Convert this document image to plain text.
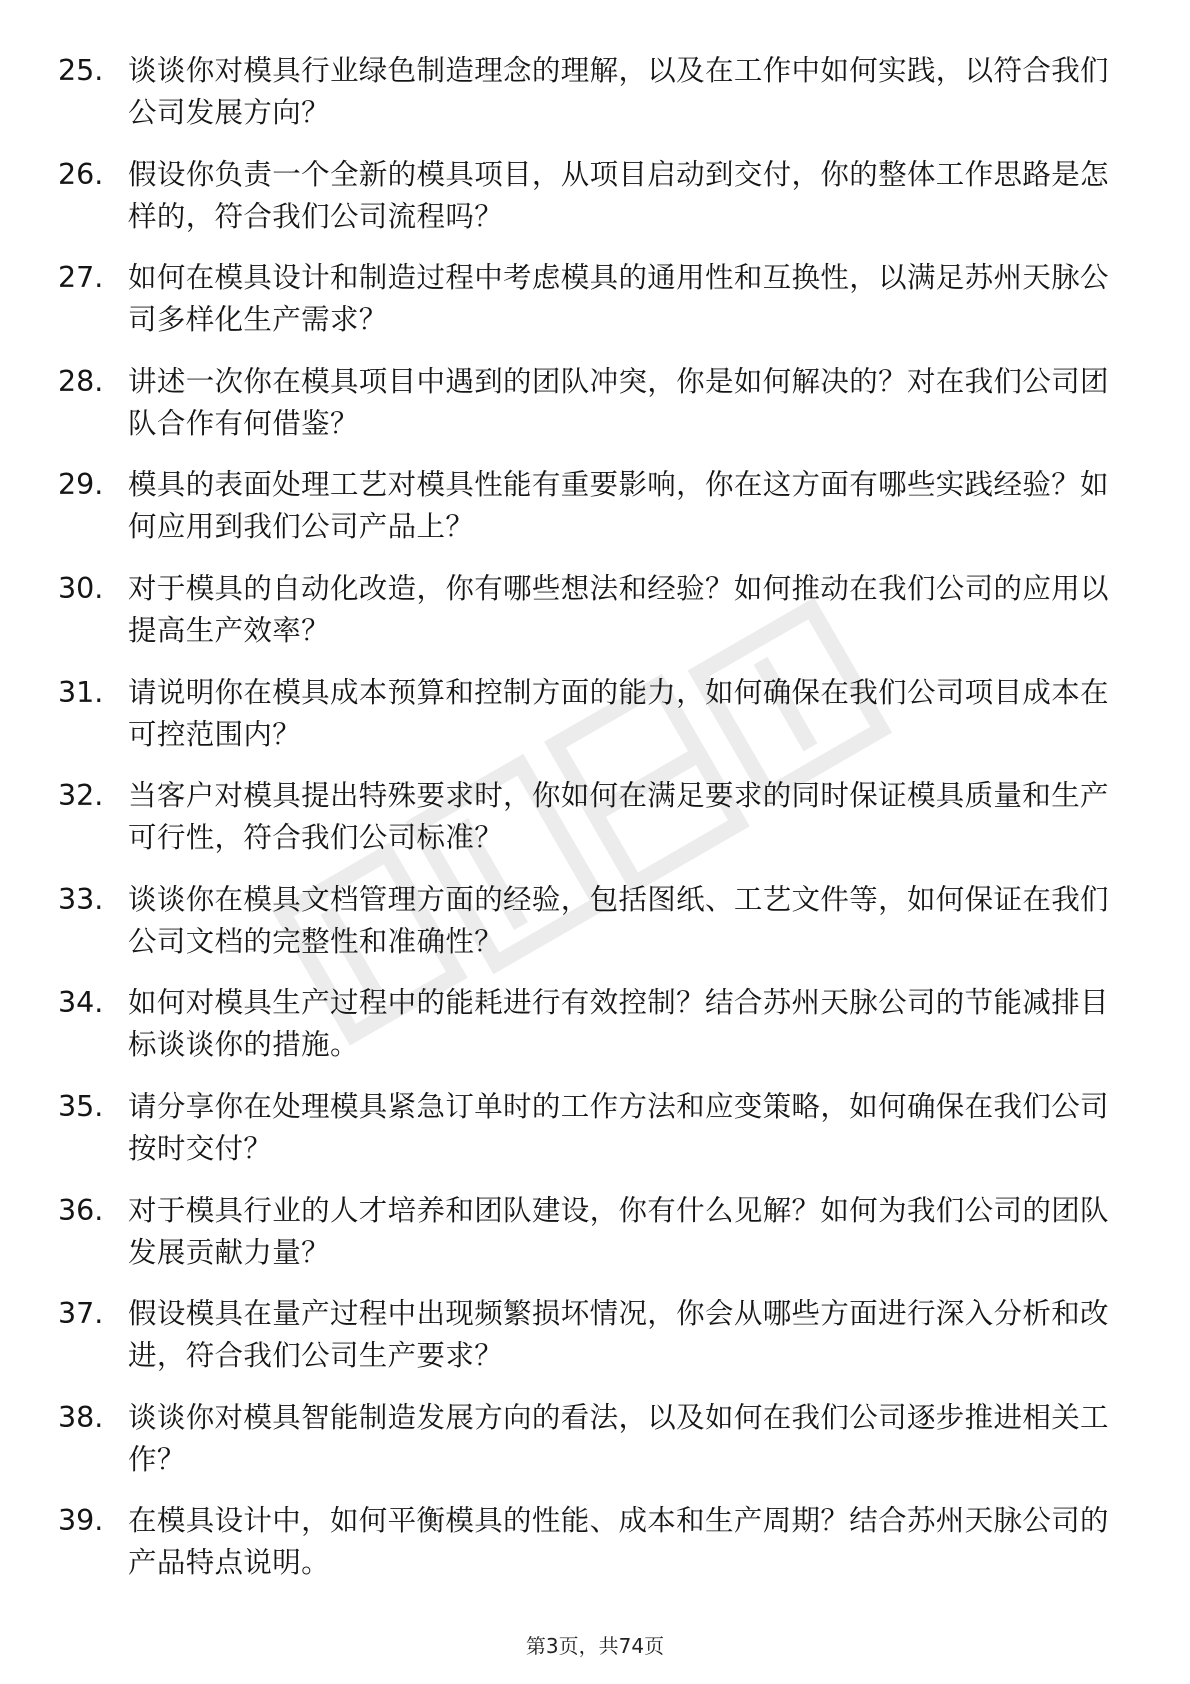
25. 谈谈你对模具行业绿色制造理念的理解，以及在工作中如何实践，以符合我们公司发展方向？
26. 假设你负责一个全新的模具项目，从项目启动到交付，你的整体工作思路是怎样的，符合我们公司流程吗？
27. 如何在模具设计和制造过程中考虑模具的通用性和互换性，以满足苏州天脉公司多样化生产需求？
28. 讲述一次你在模具项目中遇到的团队冲突，你是如何解决的？对在我们公司团队合作有何借鉴？
29. 模具的表面处理工艺对模具性能有重要影响，你在这方面有哪些实践经验？如何应用到我们公司产品上？
30. 对于模具的自动化改造，你有哪些想法和经验？如何推动在我们公司的应用以提高生产效率？
31. 请说明你在模具成本预算和控制方面的能力，如何确保在我们公司项目成本在可控范围内？
32. 当客户对模具提出特殊要求时，你如何在满足要求的同时保证模具质量和生产可行性，符合我们公司标准？
33. 谈谈你在模具文档管理方面的经验，包括图纸、工艺文件等，如何保证在我们公司文档的完整性和准确性？
34. 如何对模具生产过程中的能耗进行有效控制？结合苏州天脉公司的节能减排目标谈谈你的措施。
35. 请分享你在处理模具紧急订单时的工作方法和应变策略，如何确保在我们公司按时交付？
36. 对于模具行业的人才培养和团队建设，你有什么见解？如何为我们公司的团队发展贡献力量？
37. 假设模具在量产过程中出现频繁损坏情况，你会从哪些方面进行深入分析和改进，符合我们公司生产要求？
38. 谈谈你对模具智能制造发展方向的看法，以及如何在我们公司逐步推进相关工作？
39. 在模具设计中，如何平衡模具的性能、成本和生产周期？结合苏州天脉公司的产品特点说明。
第3页，共74页
